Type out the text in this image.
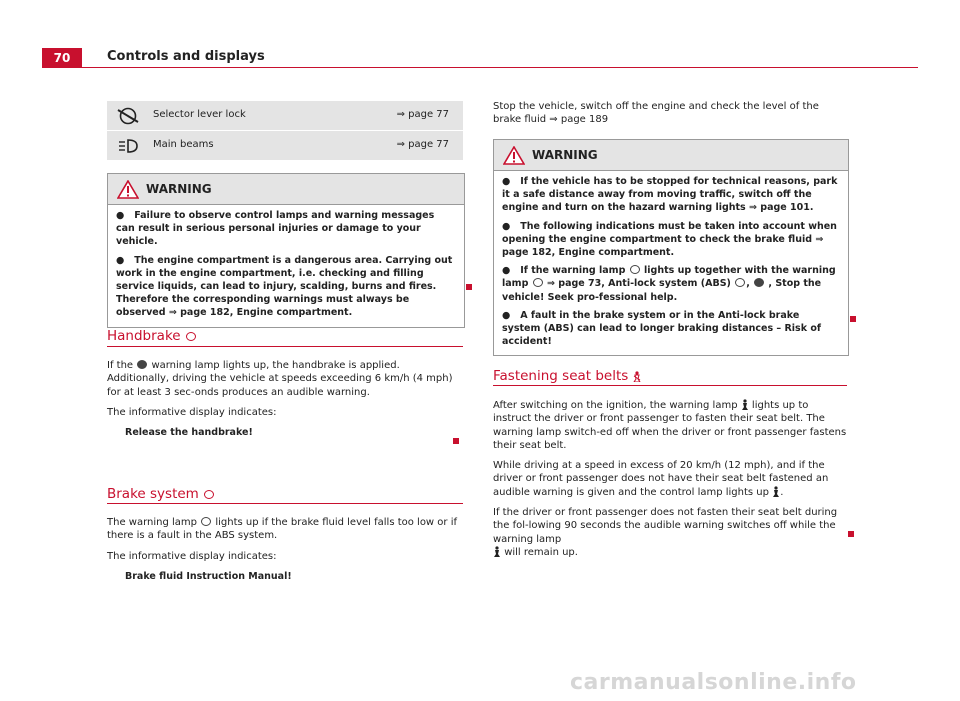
70	Controls and displays
Selector lever lock	⇒ page 77
Main beams	⇒ page 77
WARNING

●   Failure to observe control lamps and warning messages can result in serious personal injuries or damage to your vehicle.

●   The engine compartment is a dangerous area. Carrying out work in the engine compartment, i.e. checking and filling service liquids, can lead to injury, scalding, burns and fires. Therefore the corresponding warnings must always be observed ⇒ page 182, Engine compartment.

Handbrake

If the warning lamp lights up, the handbrake is applied. Additionally, driving the vehicle at speeds exceeding 6 km/h (4 mph) for at least 3 sec-onds produces an audible warning.

The informative display indicates:

Release the handbrake!

Brake system

The warning lamp lights up if the brake fluid level falls too low or if there is a fault in the ABS system.

The informative display indicates:

Brake fluid Instruction Manual!

Stop the vehicle, switch off the engine and check the level of the brake fluid ⇒ page 189
WARNING

●   If the vehicle has to be stopped for technical reasons, park it a safe distance away from moving traffic, switch off the engine and turn on the hazard warning lights ⇒ page 101.

●   The following indications must be taken into account when opening the engine compartment to check the brake fluid ⇒ page 182, Engine compartment.

●   If the warning lamp lights up together with the warning lamp ⇒ page 73, Anti-lock system (ABS) ,  , Stop the vehicle! Seek pro-fessional help.

●   A fault in the brake system or in the Anti-lock brake system (ABS) can lead to longer braking distances – Risk of accident!

Fastening seat belts

After switching on the ignition, the warning lamp lights up to instruct the driver or front passenger to fasten their seat belt. The warning lamp switch-ed off when the driver or front passenger fastens their seat belt.

While driving at a speed in excess of 20 km/h (12 mph), and if the driver or front passenger does not have their seat belt fastened an audible warning is given and the control lamp lights up .

If the driver or front passenger does not fasten their seat belt during the fol-lowing 90 seconds the audible warning switches off while the warning lamp
will remain up.

carmanualsonline.info
